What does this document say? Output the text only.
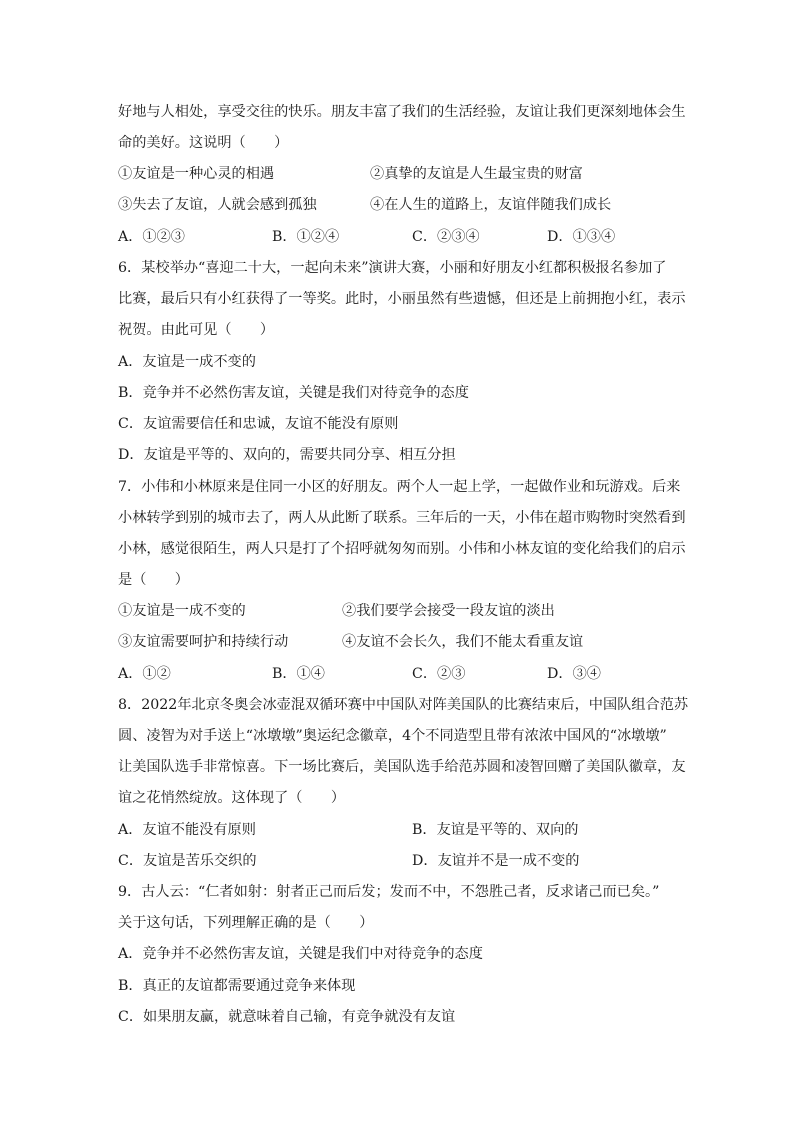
好地与人相处，享受交往的快乐。朋友丰富了我们的生活经验，友谊让我们更深刻地体会生
命的美好。这说明（　　）
①友谊是一种心灵的相遇	②真挚的友谊是人生最宝贵的财富
③失去了友谊，人就会感到孤独	④在人生的道路上，友谊伴随我们成长
A．①②③	B．①②④	C．②③④	D．①③④
6．某校举办“喜迎二十大，一起向未来”演讲大赛，小丽和好朋友小红都积极报名参加了
比赛，最后只有小红获得了一等奖。此时，小丽虽然有些遗憾，但还是上前拥抱小红，表示
祝贺。由此可见（　　）
A．友谊是一成不变的
B．竞争并不必然伤害友谊，关键是我们对待竞争的态度
C．友谊需要信任和忠诚，友谊不能没有原则
D．友谊是平等的、双向的，需要共同分享、相互分担
7．小伟和小林原来是住同一小区的好朋友。两个人一起上学，一起做作业和玩游戏。后来
小林转学到别的城市去了，两人从此断了联系。三年后的一天，小伟在超市购物时突然看到
小林，感觉很陌生，两人只是打了个招呼就匆匆而别。小伟和小林友谊的变化给我们的启示
是（　　）
①友谊是一成不变的	②我们要学会接受一段友谊的淡出
③友谊需要呵护和持续行动	④友谊不会长久，我们不能太看重友谊
A．①②	B．①④	C．②③	D．③④
8．2022年北京冬奥会冰壶混双循环赛中中国队对阵美国队的比赛结束后，中国队组合范苏
圆、凌智为对手送上“冰墩墩”奥运纪念徽章，4个不同造型且带有浓浓中国风的“冰墩墩”
让美国队选手非常惊喜。下一场比赛后，美国队选手给范苏圆和凌智回赠了美国队徽章，友
谊之花悄然绽放。这体现了（　　）
A．友谊不能没有原则	B．友谊是平等的、双向的
C．友谊是苦乐交织的	D．友谊并不是一成不变的
9．古人云：“仁者如射：射者正己而后发；发而不中，不怨胜己者，反求诸己而已矣。”
关于这句话，下列理解正确的是（　　）
A．竞争并不必然伤害友谊，关键是我们中对待竞争的态度
B．真正的友谊都需要通过竞争来体现
C．如果朋友赢，就意味着自己输，有竞争就没有友谊
